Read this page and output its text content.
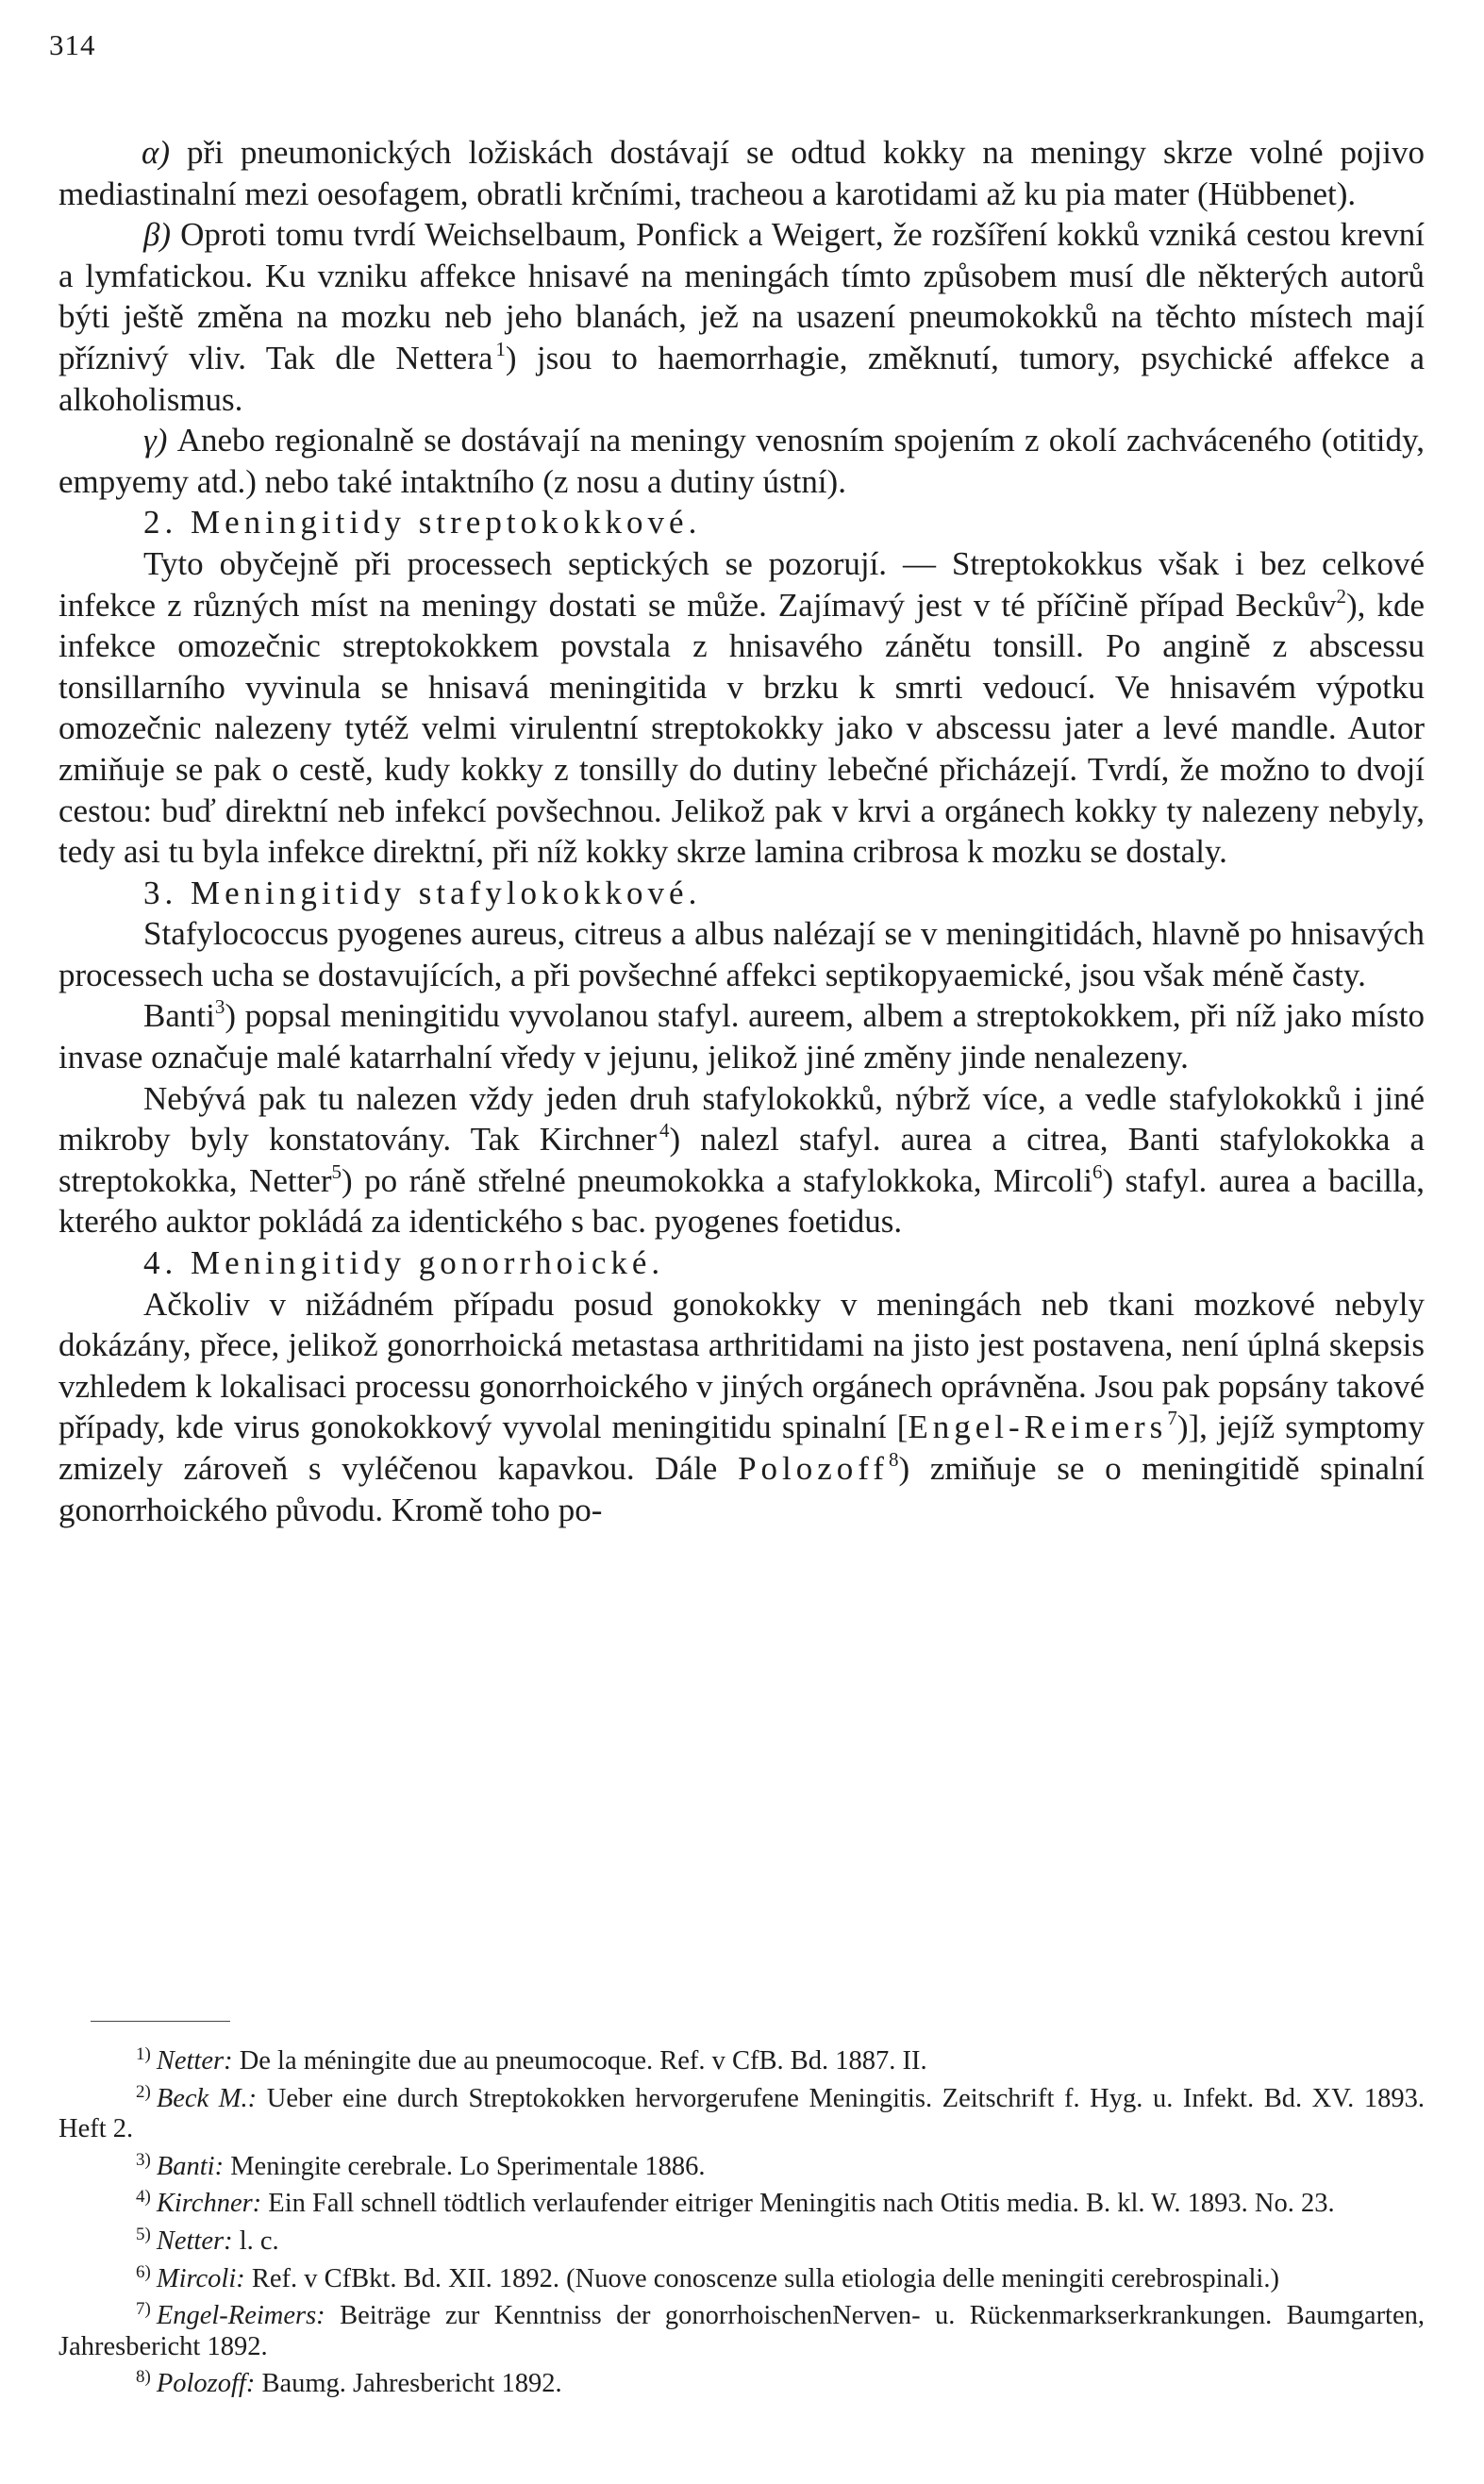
314

α) při pneumonických ložiskách dostávají se odtud kokky na meningy skrze volné pojivo mediastinalní mezi oesofagem, obratli krčními, tracheou a karotidami až ku pia mater (Hübbenet).

β) Oproti tomu tvrdí Weichselbaum, Ponfick a Weigert, že rozšíření kokků vzniká cestou krevní a lymfatickou. Ku vzniku affekce hnisavé na meningách tímto způsobem musí dle některých autorů býti ještě změna na mozku neb jeho blanách, jež na usazení pneumokokků na těchto místech mají příznivý vliv. Tak dle Nettera  $^1$) jsou to haemorrhagie, změknutí, tumory, psychické affekce a alkoholismus.

γ) Anebo regionalně se dostávají na meningy venosním spojením z okolí zachváceného (otitidy, empyemy atd.) nebo také intaktního (z nosu a dutiny ústní).

2. Meningitidy streptokokkové.

Tyto obyčejně při processech septických se pozorují. — Streptokokkus však i bez celkové infekce z různých míst na meningy dostati se může. Zajímavý jest v té příčině případ Beckův$^2$), kde infekce omozečnic streptokokkem povstala z hnisavého zánětu tonsill. Po angině z abscessu tonsillarního vyvinula se hnisavá meningitida v brzku k smrti vedoucí. Ve hnisavém výpotku omozečnic nalezeny tytéž velmi virulentní streptokokky jako v abscessu jater a levé mandle. Autor zmiňuje se pak o cestě, kudy kokky z tonsilly do dutiny lebečné přicházejí. Tvrdí, že možno to dvojí cestou: buď direktní neb infekcí povšechnou. Jelikož pak v krvi a orgánech kokky ty nalezeny nebyly, tedy asi tu byla infekce direktní, při níž kokky skrze lamina cribrosa k mozku se dostaly.

3. Meningitidy stafylokokkové.

Stafylococcus pyogenes aureus, citreus a albus nalézají se v meningitidách, hlavně po hnisavých processech ucha se dostavujících, a při povšechné affekci septikopyaemické, jsou však méně časty.

Banti$^3$) popsal meningitidu vyvolanou stafyl. aureem, albem a streptokokkem, při níž jako místo invase označuje malé katarrhalní vředy v jejunu, jelikož jiné změny jinde nenalezeny.

Nebývá pak tu nalezen vždy jeden druh stafylokokků, nýbrž více, a vedle stafylokokků i jiné mikroby byly konstatovány. Tak Kirchner  $^4$) nalezl stafyl. aurea a citrea, Banti stafylokokka a streptokokka, Netter$^5$) po ráně střelné pneumokokka a stafylokkoka, Mircoli$^6$) stafyl. aurea a bacilla, kterého auktor pokládá za identického s bac. pyogenes foetidus.

4. Meningitidy gonorrhoické.

Ačkoliv v nižádném případu posud gonokokky v meningách neb tkani mozkové nebyly dokázány, přece, jelikož gonorrhoická metastasa arthritidami na jisto jest postavena, není úplná skepsis vzhledem k lokalisaci processu gonorrhoického v jiných orgánech oprávněna. Jsou pak popsány takové případy, kde virus gonokokkový vyvolal meningitidu spinalní [Engel-Reimers$^7$)], jejíž symptomy zmizely zároveň s vyléčenou kapavkou. Dále Polozoff$^8$) zmiňuje se o meningitidě spinalní gonorrhoického původu. Kromě toho po-

$^{1)}$ Netter: De la méningite due au pneumocoque. Ref. v CfB. Bd. 1887. II.

$^{2)}$ Beck M.: Ueber eine durch Streptokokken hervorgerufene Meningitis. Zeitschrift f. Hyg. u. Infekt. Bd. XV. 1893. Heft 2.

$^{3)}$ Banti: Meningite cerebrale. Lo Sperimentale 1886.

$^{4)}$ Kirchner: Ein Fall schnell tödtlich verlaufender eitriger Meningitis nach Otitis media. B. kl. W. 1893. No. 23.

$^{5)}$ Netter: l. c.

$^{6)}$ Mircoli: Ref. v CfBkt. Bd. XII. 1892. (Nuove conoscenze sulla etiologia delle meningiti cerebrospinali.)

$^{7)}$ Engel-Reimers: Beiträge zur Kenntniss der gonorrhoischenNerven- u. Rückenmarkserkrankungen. Baumgarten, Jahresbericht 1892.

$^{8)}$ Polozoff: Baumg. Jahresbericht 1892.
